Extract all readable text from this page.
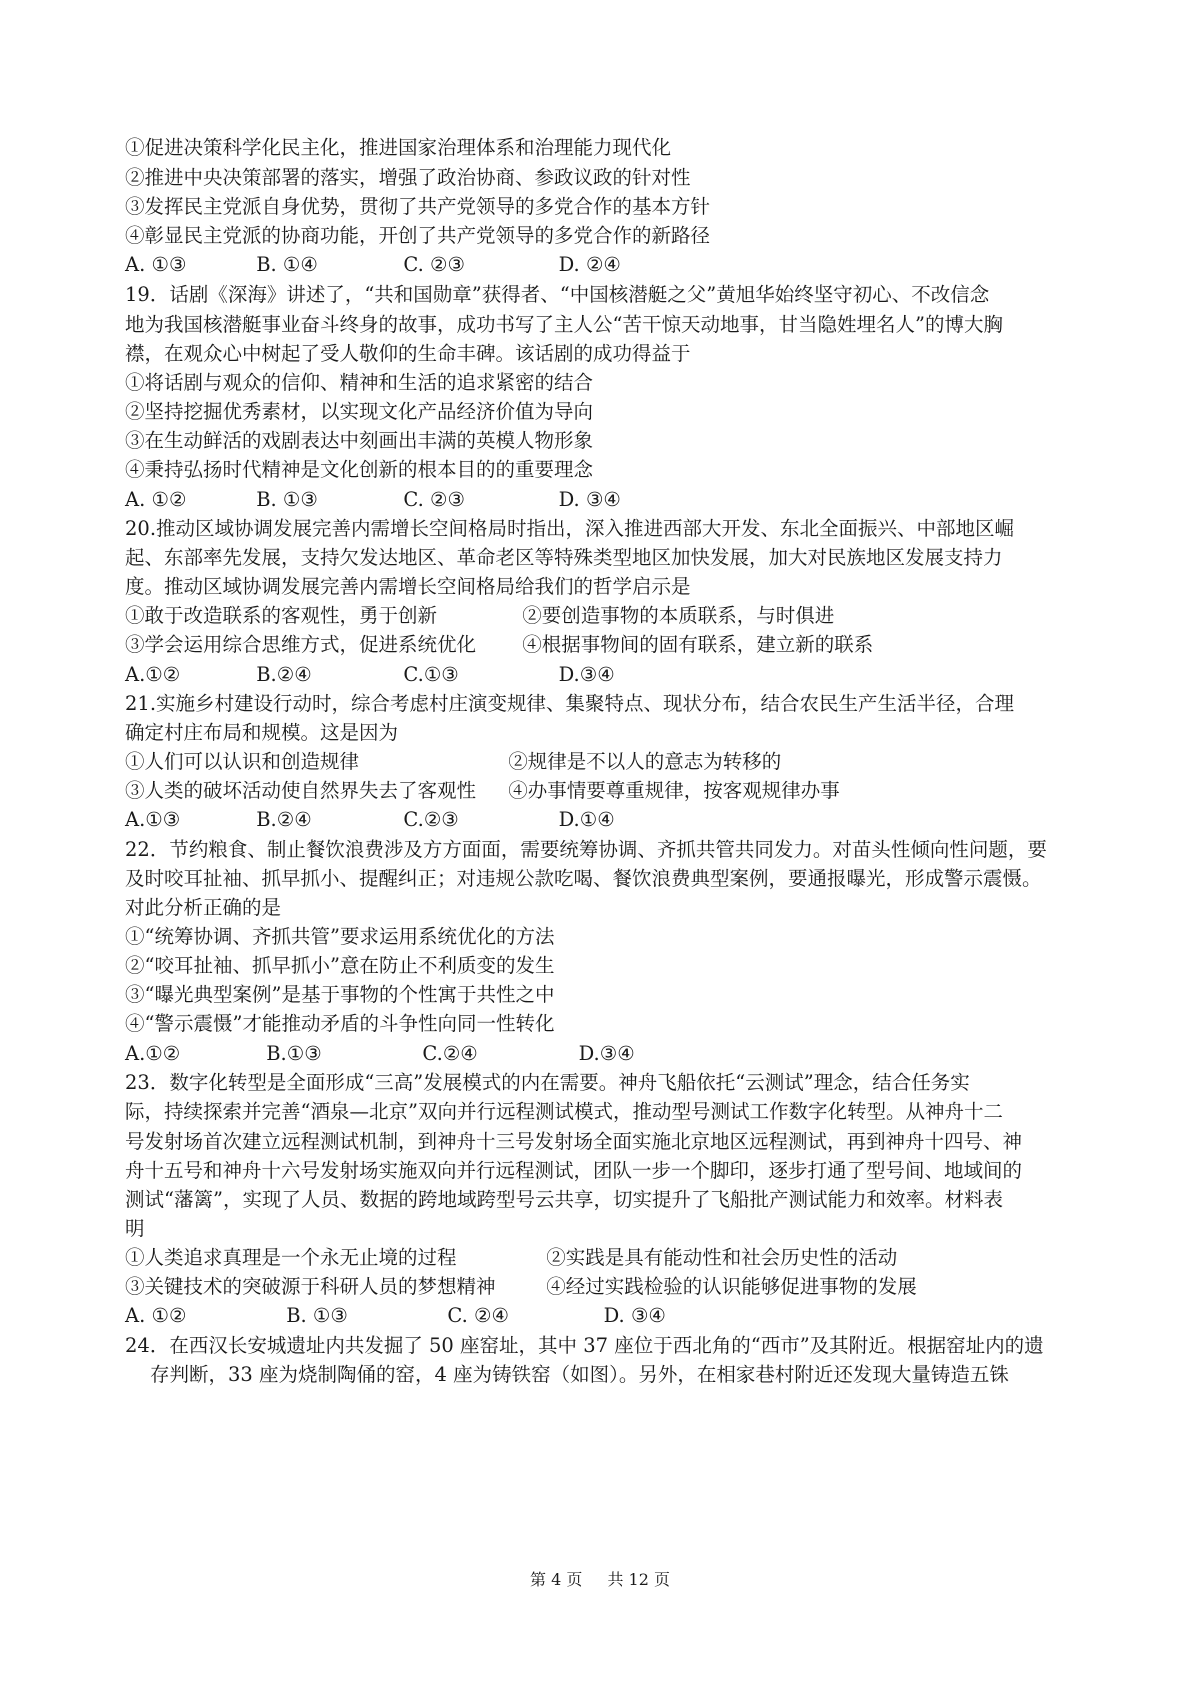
①促进决策科学化民主化，推进国家治理体系和治理能力现代化
②推进中央决策部署的落实，增强了政治协商、参政议政的针对性
③发挥民主党派自身优势，贯彻了共产党领导的多党合作的基本方针
④彰显民主党派的协商功能，开创了共产党领导的多党合作的新路径
A. ①③	B. ①④	C. ②③	D. ②④
19．话剧《深海》讲述了，“共和国勋章”获得者、“中国核潜艇之父”黄旭华始终坚守初心、不改信念
地为我国核潜艇事业奋斗终身的故事，成功书写了主人公“苦干惊天动地事，甘当隐姓埋名人”的博大胸
襟，在观众心中树起了受人敬仰的生命丰碑。该话剧的成功得益于
①将话剧与观众的信仰、精神和生活的追求紧密的结合
②坚持挖掘优秀素材，以实现文化产品经济价值为导向
③在生动鲜活的戏剧表达中刻画出丰满的英模人物形象
④秉持弘扬时代精神是文化创新的根本目的的重要理念
A. ①②	B. ①③	C. ②③	D. ③④
20.推动区域协调发展完善内需增长空间格局时指出，深入推进西部大开发、东北全面振兴、中部地区崛
起、东部率先发展，支持欠发达地区、革命老区等特殊类型地区加快发展，加大对民族地区发展支持力
度。推动区域协调发展完善内需增长空间格局给我们的哲学启示是
①敢于改造联系的客观性，勇于创新	②要创造事物的本质联系，与时俱进
③学会运用综合思维方式，促进系统优化 ④根据事物间的固有联系，建立新的联系
A.①②	B.②④	C.①③	D.③④
21.实施乡村建设行动时，综合考虑村庄演变规律、集聚特点、现状分布，结合农民生产生活半径，合理
确定村庄布局和规模。这是因为
①人们可以认识和创造规律	②规律是不以人的意志为转移的
③人类的破坏活动使自然界失去了客观性 ④办事情要尊重规律，按客观规律办事
A.①③	B.②④	C.②③	D.①④
22．节约粮食、制止餐饮浪费涉及方方面面，需要统筹协调、齐抓共管共同发力。对苗头性倾向性问题，要
及时咬耳扯袖、抓早抓小、提醒纠正；对违规公款吃喝、餐饮浪费典型案例，要通报曝光，形成警示震慑。
对此分析正确的是
①“统筹协调、齐抓共管”要求运用系统优化的方法
②“咬耳扯袖、抓早抓小”意在防止不利质变的发生
③“曝光典型案例”是基于事物的个性寓于共性之中
④“警示震慑”才能推动矛盾的斗争性向同一性转化
A.①②	B.①③	C.②④	D.③④
23．数字化转型是全面形成“三高”发展模式的内在需要。神舟飞船依托“云测试”理念，结合任务实
际，持续探索并完善“酒泉—北京”双向并行远程测试模式，推动型号测试工作数字化转型。从神舟十二
号发射场首次建立远程测试机制，到神舟十三号发射场全面实施北京地区远程测试，再到神舟十四号、神
舟十五号和神舟十六号发射场实施双向并行远程测试，团队一步一个脚印，逐步打通了型号间、地域间的
测试“藩篱”，实现了人员、数据的跨地域跨型号云共享，切实提升了飞船批产测试能力和效率。材料表
明
①人类追求真理是一个永无止境的过程	②实践是具有能动性和社会历史性的活动
③关键技术的突破源于科研人员的梦想精神	④经过实践检验的认识能够促进事物的发展
A. ①②	B. ①③	C. ②④	D. ③④
24．在西汉长安城遗址内共发掘了 50 座窑址，其中 37 座位于西北角的“西市”及其附近。根据窑址内的遗
存判断，33 座为烧制陶俑的窑，4 座为铸铁窑（如图）。另外，在相家巷村附近还发现大量铸造五铢
第 4 页 共 12 页
